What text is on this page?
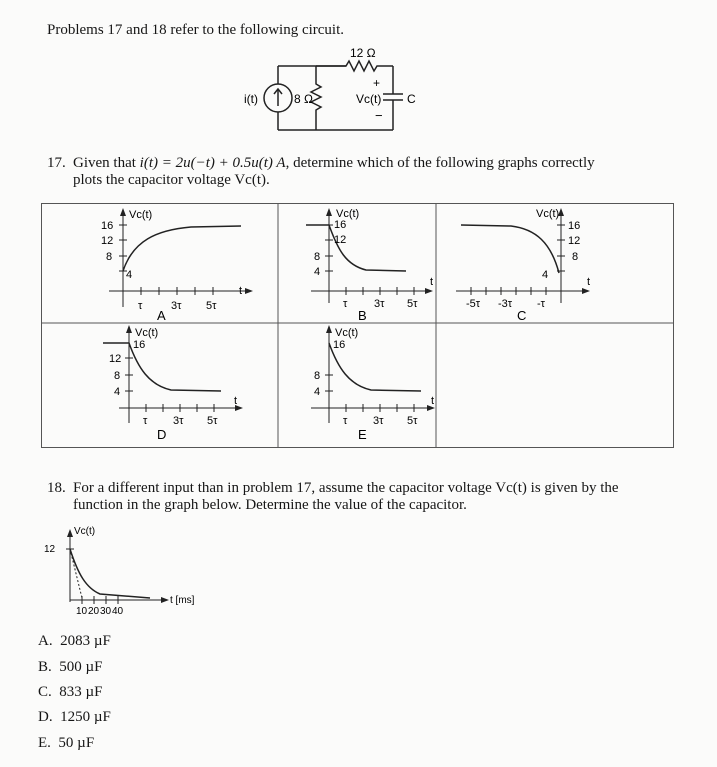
Problems 17 and 18 refer to the following circuit.
i(t)	8 Ω
12 Ω
+
Vc(t)
−
C
17. Given that i(t) = 2u(−t) + 0.5u(t) A, determine which of the following graphs correctly
plots the capacitor voltage Vc(t).
Vc(t)
16
12
8
4
τ	3τ 5τ
t
A
Vc(t)
16
12
8
4
τ 3τ 5τ
t
B
Vc(t)
16
12
8
4
-5τ -3τ -τ
t
C
Vc(t)
16
12
8
4
τ 3τ 5τ
t
D
Vc(t)
16
8
4
τ 3τ 5τ
t
E
18. For a different input than in problem 17, assume the capacitor voltage Vc(t) is given by the
function in the graph below. Determine the value of the capacitor.
Vc(t)
12
10 20 30 40
t [ms]
A. 2083 µF
B. 500 µF
C. 833 µF
D. 1250 µF
E. 50 µF
